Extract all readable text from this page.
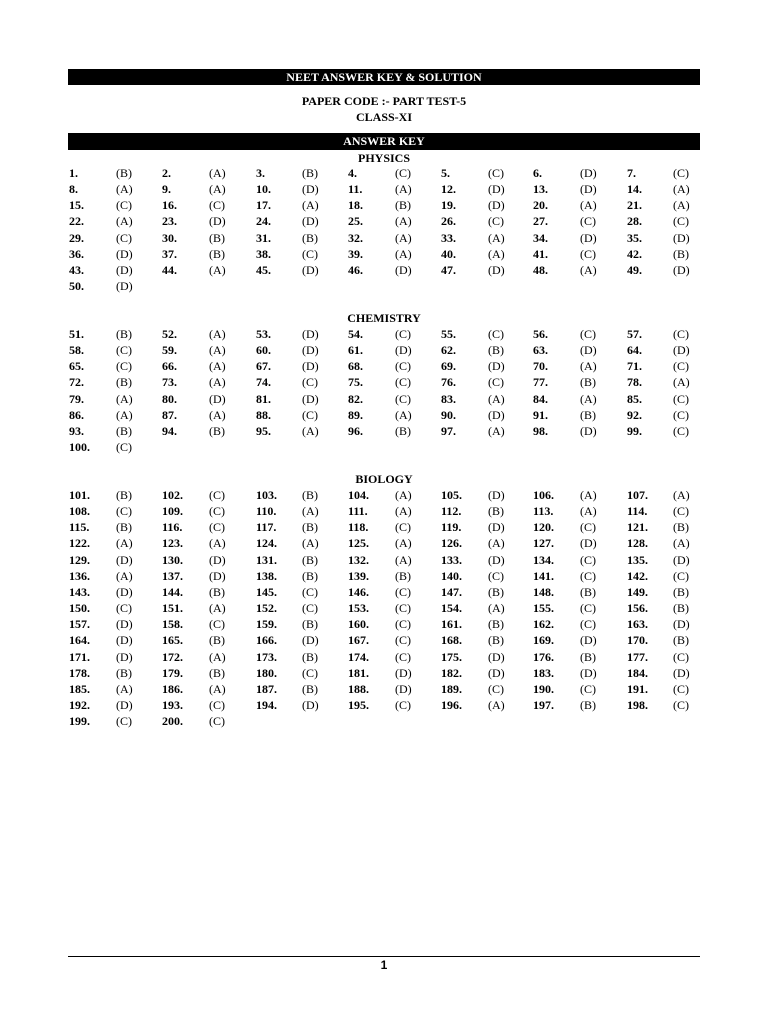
NEET ANSWER KEY & SOLUTION
PAPER CODE :- PART TEST-5
CLASS-XI
ANSWER KEY
PHYSICS
1.	(B)	2.	(A)	3.	(B)	4.	(C)	5.	(C) 6.	(D)	7.	(C)
8.	(A) 9.	(A)	10.	(D) 11.	(A) 12.	(D) 13.	(D)	14.	(A)
15.	(C)	16.	(C)	17.	(A) 18.	(B)	19.	(D) 20.	(A)	21.	(A)
22.	(A) 23.	(D)	24.	(D) 25.	(A) 26.	(C) 27.	(C)	28.	(C)
29.	(C)	30.	(B)	31.	(B)	32.	(A) 33.	(A) 34.	(D)	35.	(D)
36.	(D) 37.	(B)	38.	(C)	39.	(A) 40.	(A) 41.	(C)	42.	(B)
43.	(D) 44.	(A)	45.	(D) 46.	(D) 47.	(D) 48.	(A)	49.	(D)
50.	(D)
CHEMISTRY
51.	(B)	52.	(A)	53.	(D) 54.	(C)	55.	(C) 56.	(C)	57.	(C)
58.	(C)	59.	(A)	60.	(D) 61.	(D) 62.	(B) 63.	(D)	64.	(D)
65.	(C)	66.	(A)	67.	(D) 68.	(C)	69.	(D) 70.	(A)	71.	(C)
72.	(B)	73.	(A)	74.	(C)	75.	(C)	76.	(C) 77.	(B)	78.	(A)
79.	(A) 80.	(D)	81.	(D) 82.	(C)	83.	(A) 84.	(A)	85.	(C)
86.	(A) 87.	(A)	88.	(C)	89.	(A) 90.	(D) 91.	(B)	92.	(C)
93.	(B)	94.	(B)	95.	(A) 96.	(B)	97.	(A) 98.	(D)	99.	(C)
100. (C)
BIOLOGY
101. (B)	102. (C)	103. (B)	104. (A) 105. (D) 106. (A)	107. (A)
108. (C)	109. (C)	110. (A) 111. (A) 112. (B) 113. (A)	114. (C)
115. (B)	116. (C)	117. (B)	118. (C)	119. (D) 120. (C)	121. (B)
122. (A) 123. (A)	124. (A) 125. (A) 126. (A) 127. (D)	128. (A)
129. (D) 130. (D)	131. (B)	132. (A) 133. (D) 134. (C)	135. (D)
136. (A) 137. (D)	138. (B)	139. (B)	140. (C) 141. (C)	142. (C)
143. (D) 144. (B)	145. (C)	146. (C)	147. (B) 148. (B)	149. (B)
150. (C)	151. (A)	152. (C)	153. (C)	154. (A) 155. (C)	156. (B)
157. (D) 158. (C)	159. (B)	160. (C)	161. (B) 162. (C)	163. (D)
164. (D) 165. (B)	166. (D) 167. (C)	168. (B) 169. (D)	170. (B)
171. (D) 172. (A)	173. (B)	174. (C)	175. (D) 176. (B)	177. (C)
178. (B)	179. (B)	180. (C)	181. (D) 182. (D) 183. (D)	184. (D)
185. (A) 186. (A)	187. (B)	188. (D) 189. (C) 190. (C)	191. (C)
192. (D) 193. (C)	194. (D) 195. (C)	196. (A) 197. (B)	198. (C)
199. (C)	200. (C)
1
